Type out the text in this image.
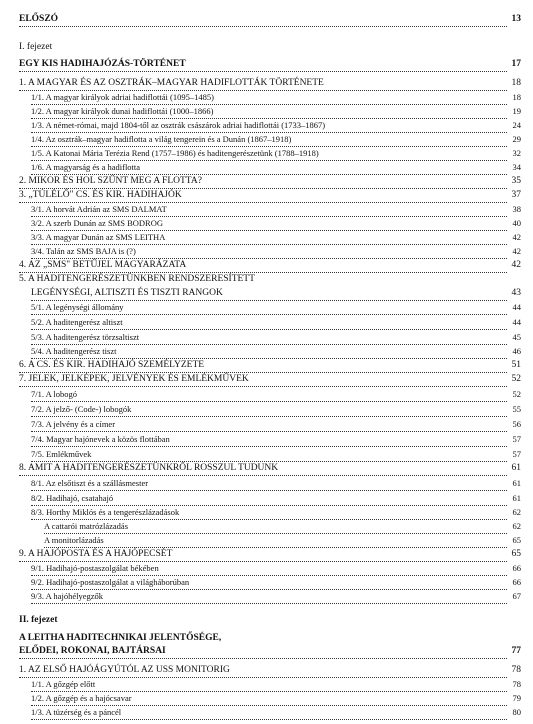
ELŐSZÓ	13
I. fejezet
EGY KIS HADIHAJÓZÁS-TÖRTÉNET	17
1. A MAGYAR ÉS AZ OSZTRÁK–MAGYAR HADIFLOTTÁK TÖRTÉNETE	18
1/1. A magyar királyok adriai hadiflottái (1095–1485)	18
1/2. A magyar királyok dunai hadiflottái (1000–1866)	19
1/3. A német-római, majd 1804-től az osztrák császárok adriai hadiflottái (1733–1867)	24
1/4. Az osztrák–magyar hadiflotta a világ tengerein és a Dunán (1867–1918)	29
1/5. A Katonai Mária Terézia Rend (1757–1986) és haditengerészetünk (1788–1918)	32
1/6. A magyarság és a hadiflotta	34
2. MIKOR ÉS HOL SZŰNT MEG A FLOTTA?	35
3. „TÚLÉLŐ" CS. ÉS KIR. HADIHAJÓK	37
3/1. A horvát Adrián az SMS DALMAT	38
3/2. A szerb Dunán az SMS BODROG	40
3/3. A magyar Dunán az SMS LEITHA	42
3/4. Talán az SMS BAJA is (?)	42
4. AZ „SMS" BETŰJEL MAGYARÁZATA	42
5. A HADITENGERÉSZETÜNKBEN RENDSZERESÍTETT
LEGÉNYSÉGI, ALTISZTI ÉS TISZTI RANGOK	43
5/1. A legénységi állomány	44
5/2. A haditengerész altiszt	44
5/3. A haditengerész törzsaltiszt	45
5/4. A haditengerész tiszt	46
6. A CS. ÉS KIR. HADIHAJÓ SZEMÉLYZETE	51
7. JELEK, JELKÉPEK, JELVÉNYEK ÉS EMLÉKMŰVEK	52
7/1. A lobogó	52
7/2. A jelző- (Code-) lobogók	55
7/3. A jelvény és a címer	56
7/4. Magyar hajónevek a közös flottában	57
7/5. Emlékművek	57
8. AMIT A HADITENGERÉSZETÜNKRŐL ROSSZUL TUDUNK	61
8/1. Az elsőtiszt és a szállásmester	61
8/2. Hadihajó, csatahajó	61
8/3. Horthy Miklós és a tengerészlázadások	62
A cattarói matrózlázadás	62
A monitorlázadás	65
9. A HAJÓPOSTA ÉS A HAJÓPECSÉT	65
9/1. Hadihajó-postaszolgálat békében	66
9/2. Hadihajó-postaszolgálat a világháborúban	66
9/3. A hajóhélyegzők	67
II. fejezet
A LEITHA HADITECHNIKAI JELENTŐSÉGE,
ELŐDEI, ROKONAI, BAJTÁRSAI	77
1. AZ ELSŐ HAJÓÁGYÚTÓL AZ USS MONITORIG	78
1/1. A gőzgép előtt	78
1/2. A gőzgép és a hajócsavar	79
1/3. A tüzérség és a páncél	80
